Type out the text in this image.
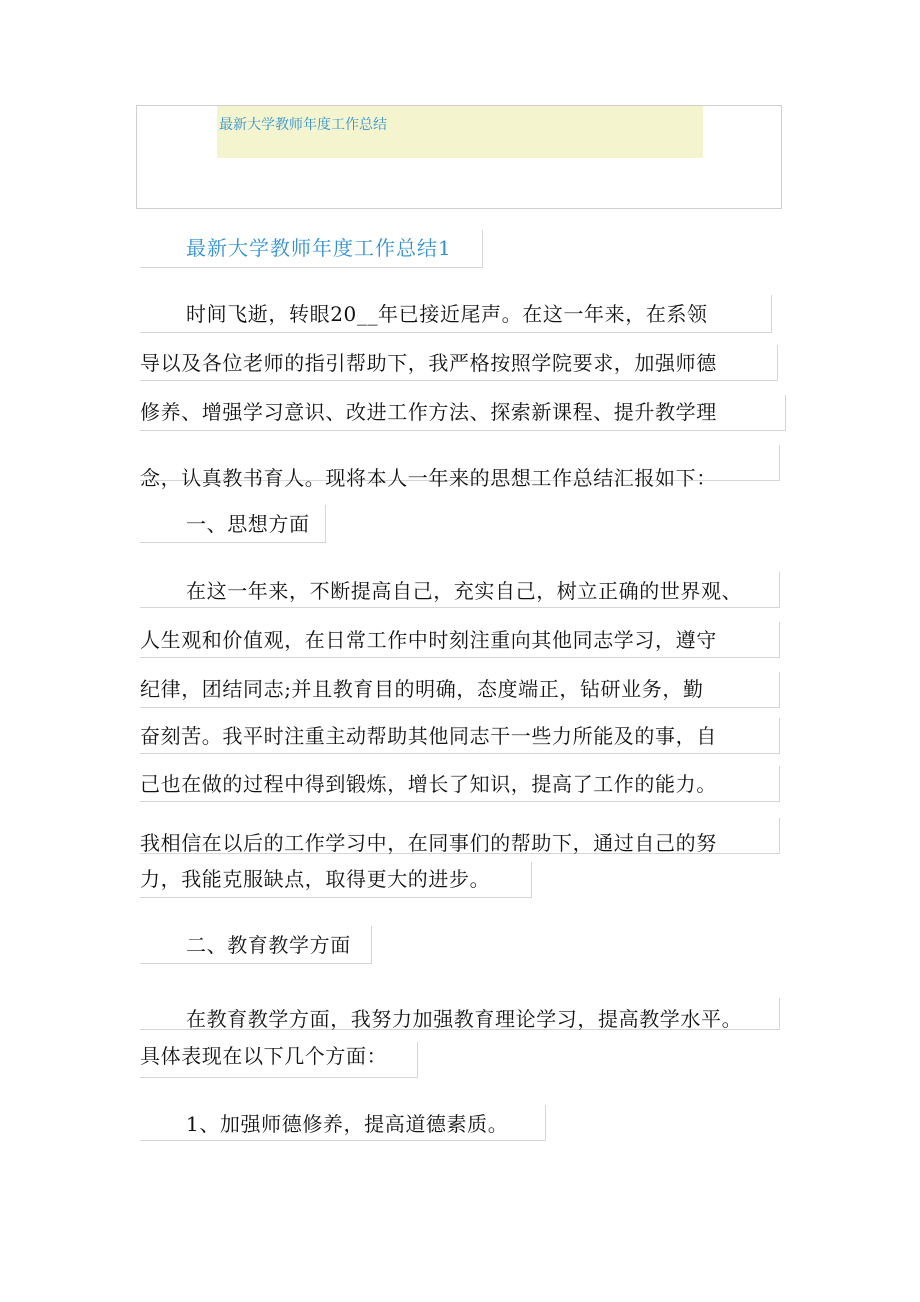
最新大学教师年度工作总结
最新大学教师年度工作总结1
时间飞逝，转眼20__年已接近尾声。在这一年来，在系领
导以及各位老师的指引帮助下，我严格按照学院要求，加强师德
修养、增强学习意识、改进工作方法、探索新课程、提升教学理
念，认真教书育人。现将本人一年来的思想工作总结汇报如下：
一、思想方面
在这一年来，不断提高自己，充实自己，树立正确的世界观、
人生观和价值观，在日常工作中时刻注重向其他同志学习，遵守
纪律，团结同志;并且教育目的明确，态度端正，钻研业务，勤
奋刻苦。我平时注重主动帮助其他同志干一些力所能及的事，自
己也在做的过程中得到锻炼，增长了知识，提高了工作的能力。
我相信在以后的工作学习中，在同事们的帮助下，通过自己的努
力，我能克服缺点，取得更大的进步。
二、教育教学方面
在教育教学方面，我努力加强教育理论学习，提高教学水平。
具体表现在以下几个方面：
1、加强师德修养，提高道德素质。
